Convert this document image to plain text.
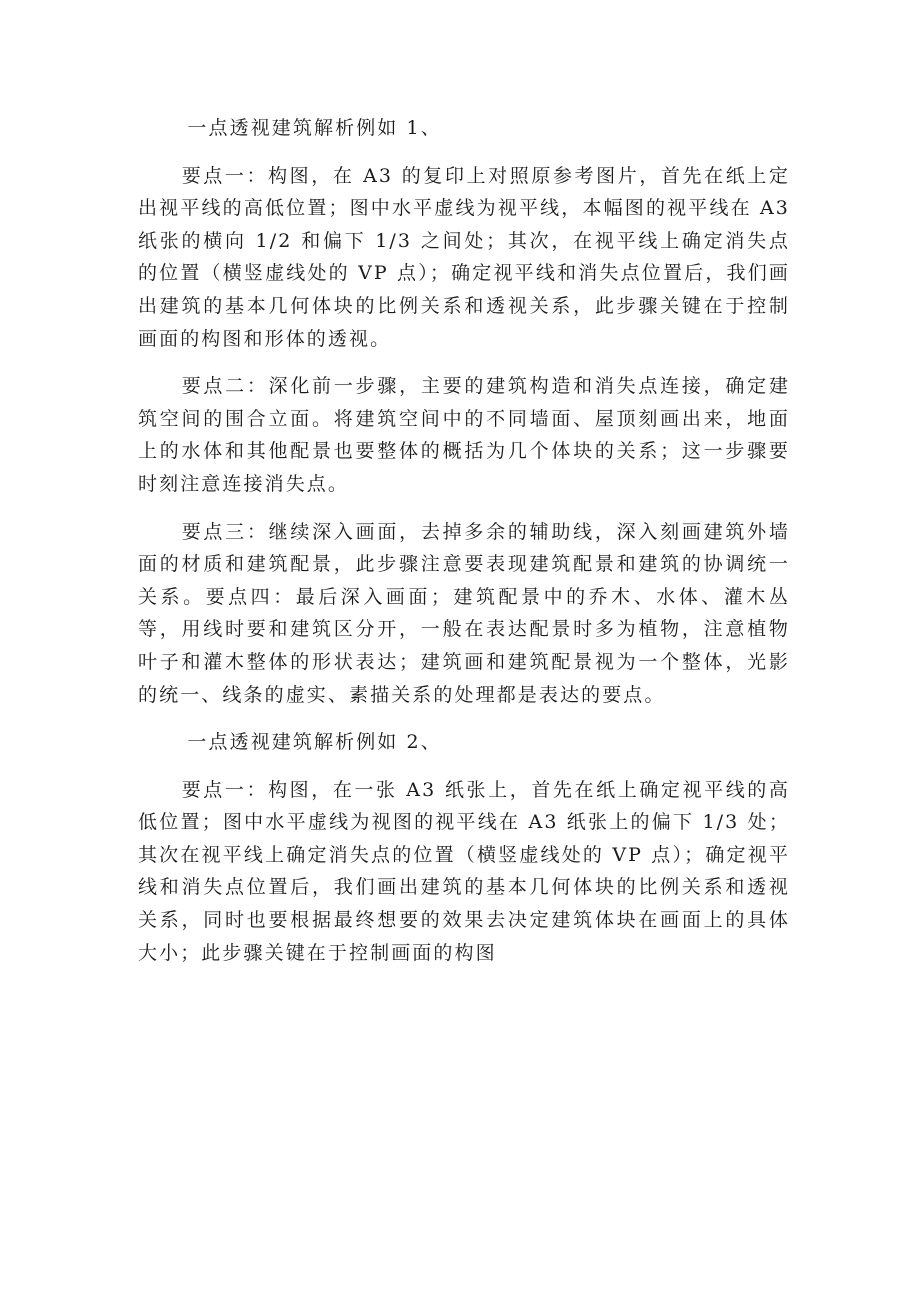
一点透视建筑解析例如 1、

要点一：构图，在 A3 的复印上对照原参考图片，首先在纸上定出视平线的高低位置；图中水平虚线为视平线，本幅图的视平线在 A3 纸张的横向 1/2 和偏下 1/3 之间处；其次，在视平线上确定消失点的位置（横竖虚线处的 VP 点）；确定视平线和消失点位置后，我们画出建筑的基本几何体块的比例关系和透视关系，此步骤关键在于控制画面的构图和形体的透视。

要点二：深化前一步骤，主要的建筑构造和消失点连接，确定建筑空间的围合立面。将建筑空间中的不同墙面、屋顶刻画出来，地面上的水体和其他配景也要整体的概括为几个体块的关系；这一步骤要时刻注意连接消失点。

要点三：继续深入画面，去掉多余的辅助线，深入刻画建筑外墙面的材质和建筑配景，此步骤注意要表现建筑配景和建筑的协调统一关系。要点四：最后深入画面；建筑配景中的乔木、水体、灌木丛等，用线时要和建筑区分开，一般在表达配景时多为植物，注意植物叶子和灌木整体的形状表达；建筑画和建筑配景视为一个整体，光影的统一、线条的虚实、素描关系的处理都是表达的要点。

一点透视建筑解析例如 2、

要点一：构图，在一张 A3 纸张上，首先在纸上确定视平线的高低位置；图中水平虚线为视图的视平线在 A3 纸张上的偏下 1/3 处；其次在视平线上确定消失点的位置（横竖虚线处的 VP 点）；确定视平线和消失点位置后，我们画出建筑的基本几何体块的比例关系和透视关系，同时也要根据最终想要的效果去决定建筑体块在画面上的具体大小；此步骤关键在于控制画面的构图
